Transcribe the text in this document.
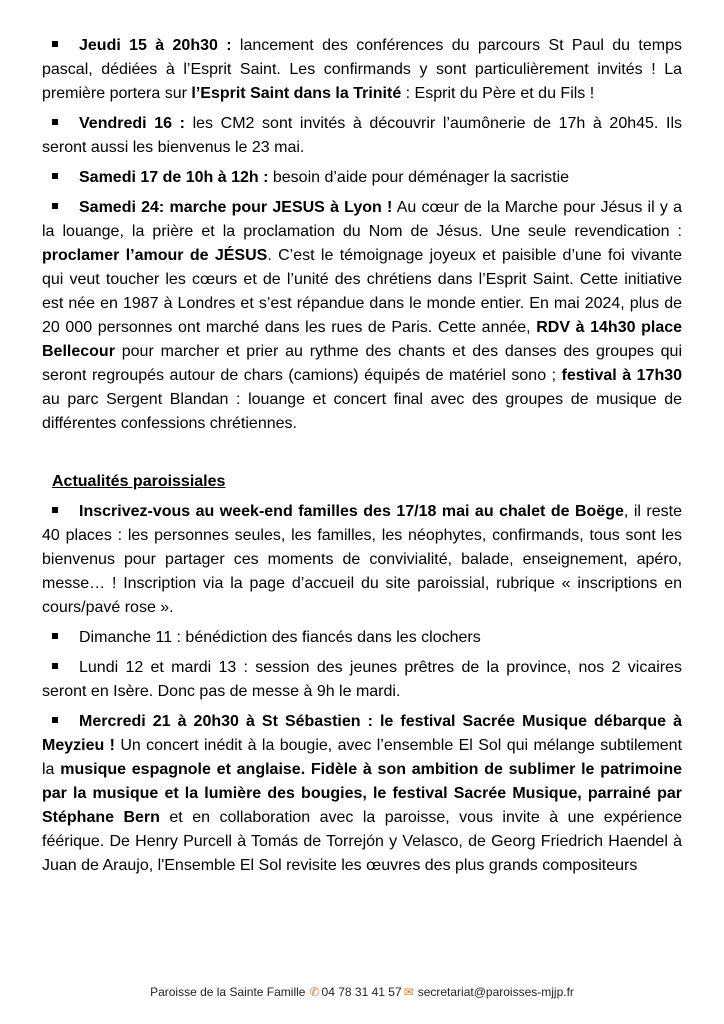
Jeudi 15 à 20h30 : lancement des conférences du parcours St Paul du temps pascal, dédiées à l’Esprit Saint. Les confirmands y sont particulièrement invités ! La première portera sur l’Esprit Saint dans la Trinité : Esprit du Père et du Fils !

Vendredi 16 : les CM2 sont invités à découvrir l’aumônerie de 17h à 20h45. Ils seront aussi les bienvenus le 23 mai.

Samedi 17 de 10h à 12h : besoin d’aide pour déménager la sacristie

Samedi 24: marche pour JESUS à Lyon ! Au cœur de la Marche pour Jésus il y a la louange, la prière et la proclamation du Nom de Jésus. Une seule revendication : proclamer l’amour de JÉSUS. C’est le témoignage joyeux et paisible d’une foi vivante qui veut toucher les cœurs et de l’unité des chrétiens dans l’Esprit Saint. Cette initiative est née en 1987 à Londres et s’est répandue dans le monde entier. En mai 2024, plus de 20 000 personnes ont marché dans les rues de Paris. Cette année, RDV à 14h30 place Bellecour pour marcher et prier au rythme des chants et des danses des groupes qui seront regroupés autour de chars (camions) équipés de matériel sono ; festival à 17h30 au parc Sergent Blandan : louange et concert final avec des groupes de musique de différentes confessions chrétiennes.

Actualités paroissiales

Inscrivez-vous au week-end familles des 17/18 mai au chalet de Boëge, il reste 40 places : les personnes seules, les familles, les néophytes, confirmands, tous sont les bienvenus pour partager ces moments de convivialité, balade, enseignement, apéro, messe… ! Inscription via la page d’accueil du site paroissial, rubrique « inscriptions en cours/pavé rose ».

Dimanche 11 : bénédiction des fiancés dans les clochers

Lundi 12 et mardi 13 : session des jeunes prêtres de la province, nos 2 vicaires seront en Isère. Donc pas de messe à 9h le mardi.

Mercredi 21 à 20h30 à St Sébastien : le festival Sacrée Musique débarque à Meyzieu ! Un concert inédit à la bougie, avec l’ensemble El Sol qui mélange subtilement la musique espagnole et anglaise. Fidèle à son ambition de sublimer le patrimoine par la musique et la lumière des bougies, le festival Sacrée Musique, parrainé par Stéphane Bern et en collaboration avec la paroisse, vous invite à une expérience féérique. De Henry Purcell à Tomás de Torrejón y Velasco, de Georg Friedrich Haendel à Juan de Araujo, l'Ensemble El Sol revisite les œuvres des plus grands compositeurs

Paroisse de la Sainte Famille ✆ 04 78 31 41 57 ✉ secretariat@paroisses-mjjp.fr
